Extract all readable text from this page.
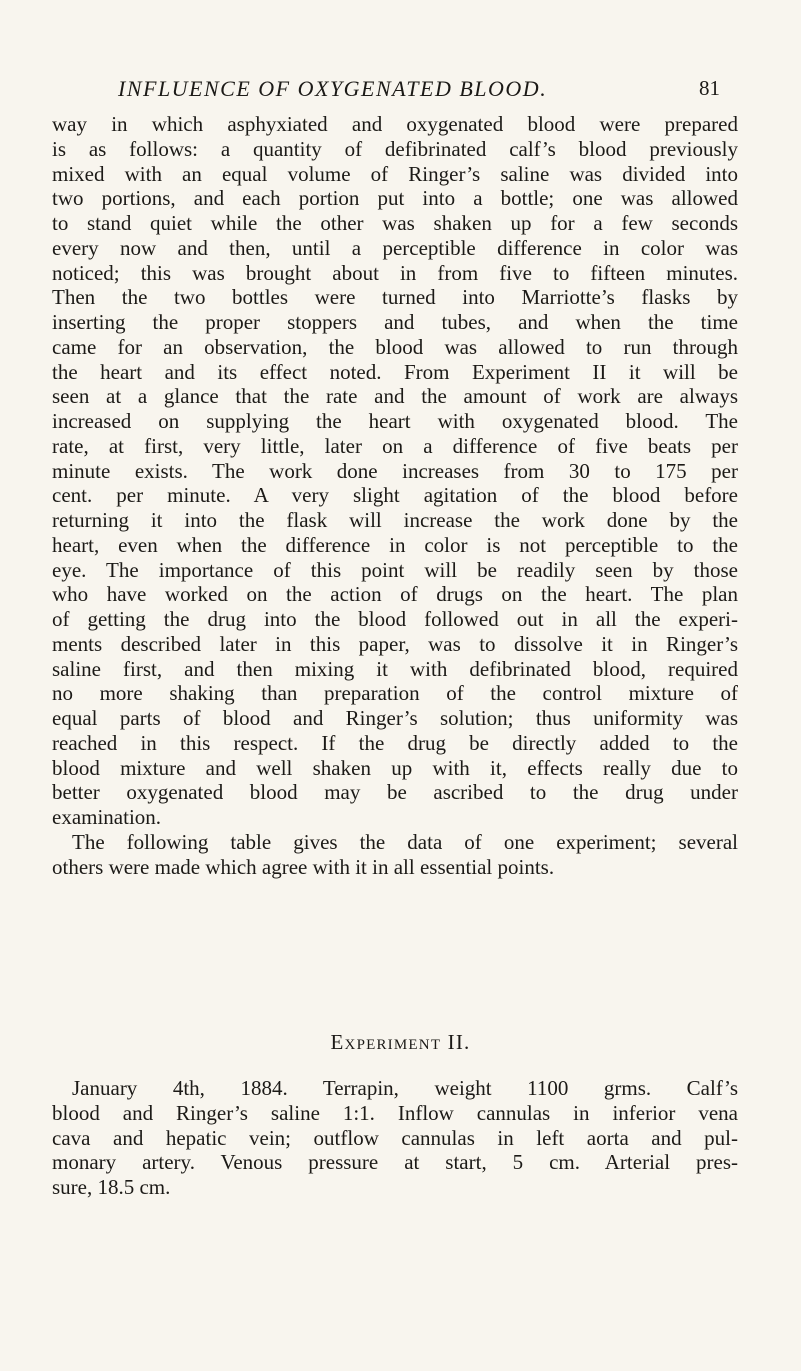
INFLUENCE OF OXYGENATED BLOOD.	81
way in which asphyxiated and oxygenated blood were prepared
is as follows: a quantity of defibrinated calf’s blood previously
mixed with an equal volume of Ringer’s saline was divided into
two portions, and each portion put into a bottle; one was allowed
to stand quiet while the other was shaken up for a few seconds
every now and then, until a perceptible difference in color was
noticed; this was brought about in from five to fifteen minutes.
Then the two bottles were turned into Marriotte’s flasks by
inserting the proper stoppers and tubes, and when the time
came for an observation, the blood was allowed to run through
the heart and its effect noted. From Experiment II it will be
seen at a glance that the rate and the amount of work are always
increased on supplying the heart with oxygenated blood. The
rate, at first, very little, later on a difference of five beats per
minute exists. The work done increases from 30 to 175 per
cent. per minute. A very slight agitation of the blood before
returning it into the flask will increase the work done by the
heart, even when the difference in color is not perceptible to the
eye. The importance of this point will be readily seen by those
who have worked on the action of drugs on the heart. The plan
of getting the drug into the blood followed out in all the experi-
ments described later in this paper, was to dissolve it in Ringer’s
saline first, and then mixing it with defibrinated blood, required
no more shaking than preparation of the control mixture of
equal parts of blood and Ringer’s solution; thus uniformity was
reached in this respect. If the drug be directly added to the
blood mixture and well shaken up with it, effects really due to
better oxygenated blood may be ascribed to the drug under
examination.
The following table gives the data of one experiment; several
others were made which agree with it in all essential points.
Experiment II.
January 4th, 1884. Terrapin, weight 1100 grms. Calf’s
blood and Ringer’s saline 1:1. Inflow cannulas in inferior vena
cava and hepatic vein; outflow cannulas in left aorta and pul-
monary artery. Venous pressure at start, 5 cm. Arterial pres-
sure, 18.5 cm.
